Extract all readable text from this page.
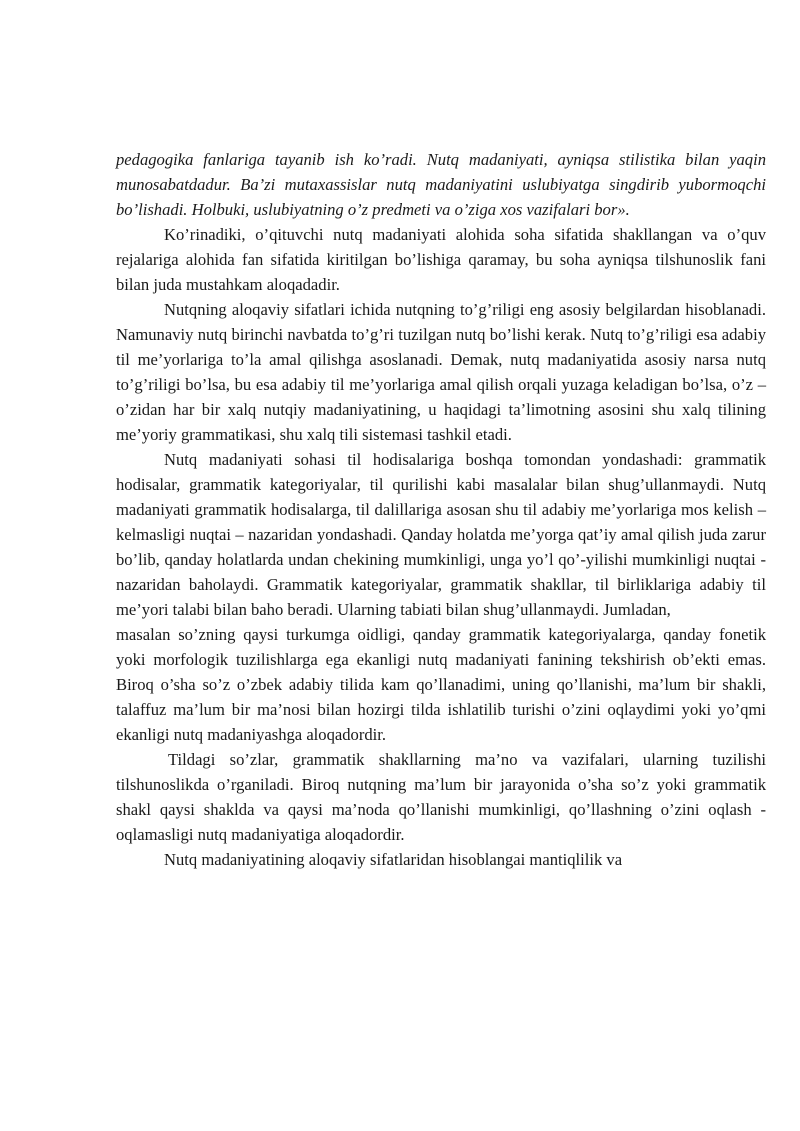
pedagogika fanlariga tayanib ish ko’radi. Nutq madaniyati, ayniqsa stilistika bilan yaqin munosabatdadur. Ba’zi mutaxassislar nutq madaniyatini uslubiyatga singdirib yubormoqchi bo’lishadi. Holbuki, uslubiyatning o’z predmeti va o’ziga xos vazifalari bor».

Ko’rinadiki, o’qituvchi nutq madaniyati alohida soha sifatida shakllangan va o’quv rejalariga alohida fan sifatida kiritilgan bo’lishiga qaramay, bu soha ayniqsa tilshunoslik fani bilan juda mustahkam aloqadadir.

Nutqning aloqaviy sifatlari ichida nutqning to’g’riligi eng asosiy belgilardan hisoblanadi. Namunaviy nutq birinchi navbatda to’g’ri tuzilgan nutq bo’lishi kerak. Nutq to’g’riligi esa adabiy til me’yorlariga to’la amal qilishga asoslanadi. Demak, nutq madaniyatida asosiy narsa nutq to’g’riligi bo’lsa, bu esa adabiy til me’yorlariga amal qilish orqali yuzaga keladigan bo’lsa, o’z – o’zidan har bir xalq nutqiy madaniyatining, u haqidagi ta’limotning asosini shu xalq tilining me’yoriy grammatikasi, shu xalq tili sistemasi tashkil etadi.

Nutq madaniyati sohasi til hodisalariga boshqa tomondan yondashadi: grammatik hodisalar, grammatik kategoriyalar, til qurilishi kabi masalalar bilan shug’ullanmaydi. Nutq madaniyati grammatik hodisalarga, til dalillariga asosan shu til adabiy me’yorlariga mos kelish – kelmasligi nuqtai – nazaridan yondashadi. Qanday holatda me’yorga qat’iy amal qilish juda zarur bo’lib, qanday holatlarda undan chekining mumkinligi, unga yo’l qo’-yilishi mumkinligi nuqtai - nazaridan baholaydi. Grammatik kategoriyalar, grammatik shakllar, til birliklariga adabiy til me’yori talabi bilan baho beradi. Ularning tabiati bilan shug’ullanmaydi. Jumladan,

masalan so’zning qaysi turkumga oidligi, qanday grammatik kategoriyalarga, qanday fonetik yoki morfologik tuzilishlarga ega ekanligi nutq madaniyati fanining tekshirish ob’ekti emas. Biroq o’sha so’z o’zbek adabiy tilida kam qo’llanadimi, uning qo’llanishi, ma’lum bir shakli, talaffuz ma’lum bir ma’nosi bilan hozirgi tilda ishlatilib turishi o’zini oqlaydimi yoki yo’qmi ekanligi nutq madaniyashga aloqadordir.

Tildagi so’zlar, grammatik shakllarning ma’no va vazifalari, ularning tuzilishi tilshunoslikda o’rganiladi. Biroq nutqning ma’lum bir jarayonida o’sha so’z yoki grammatik shakl qaysi shaklda va qaysi ma’noda qo’llanishi mumkinligi, qo’llashning o’zini oqlash - oqlamasligi nutq madaniyatiga aloqadordir.

Nutq madaniyatining aloqaviy sifatlaridan hisoblangai mantiqlilik va
